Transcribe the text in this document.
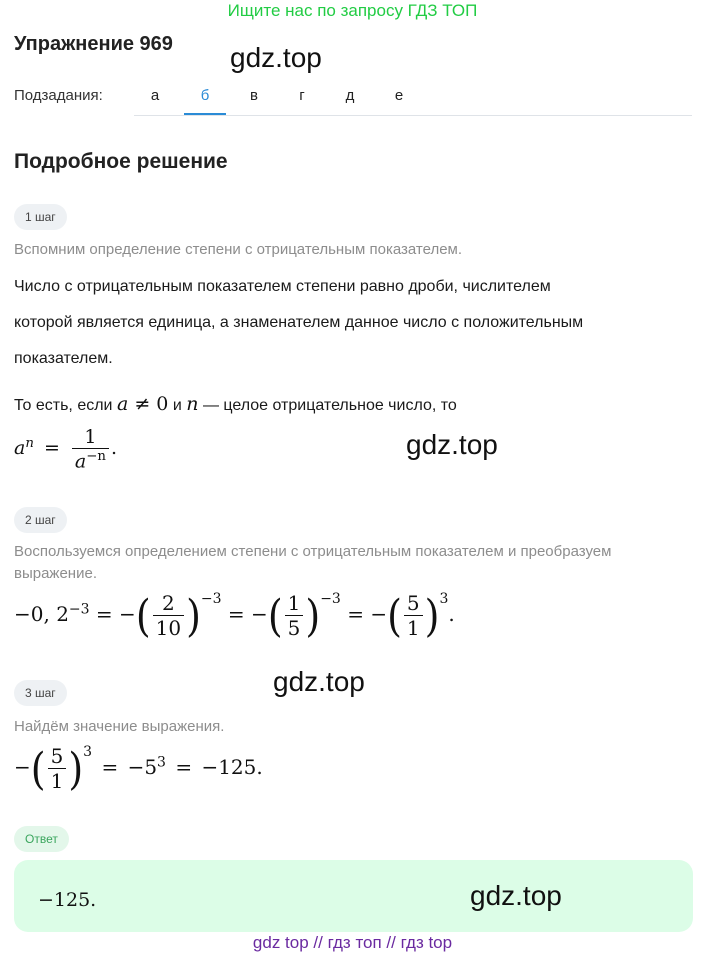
Ищите нас по запросу ГДЗ ТОП
Упражнение 969 gdz.top
Подзадания:	а	б	в	г	д	е
Подробное решение
1 шаг
Вспомним определение степени с отрицательным показателем.
Число с отрицательным показателем степени равно дроби, числителем
которой является единица, а знаменателем данное число с положительным
показателем.
То есть, если a ≠ 0 и n — целое отрицательное число, то
$a^n = \frac{1}{a^{-n}}$ .	gdz.top
2 шаг
Воспользуемся определением степени с отрицательным показателем и преобразуем выражение.
−0, $2^{-3}$ = −( $\frac{2}{10} )^{-3}$ = −( $\frac{1}{5} )^{-3}$ = −( $\frac{5}{1} )^3$.
gdz.top
3 шаг
Найдём значение выражения.
−( $\frac{5}{1} )^3 = -5^3 = -125$.
Ответ
−125.	gdz.top
gdz top // гдз топ // гдз top
